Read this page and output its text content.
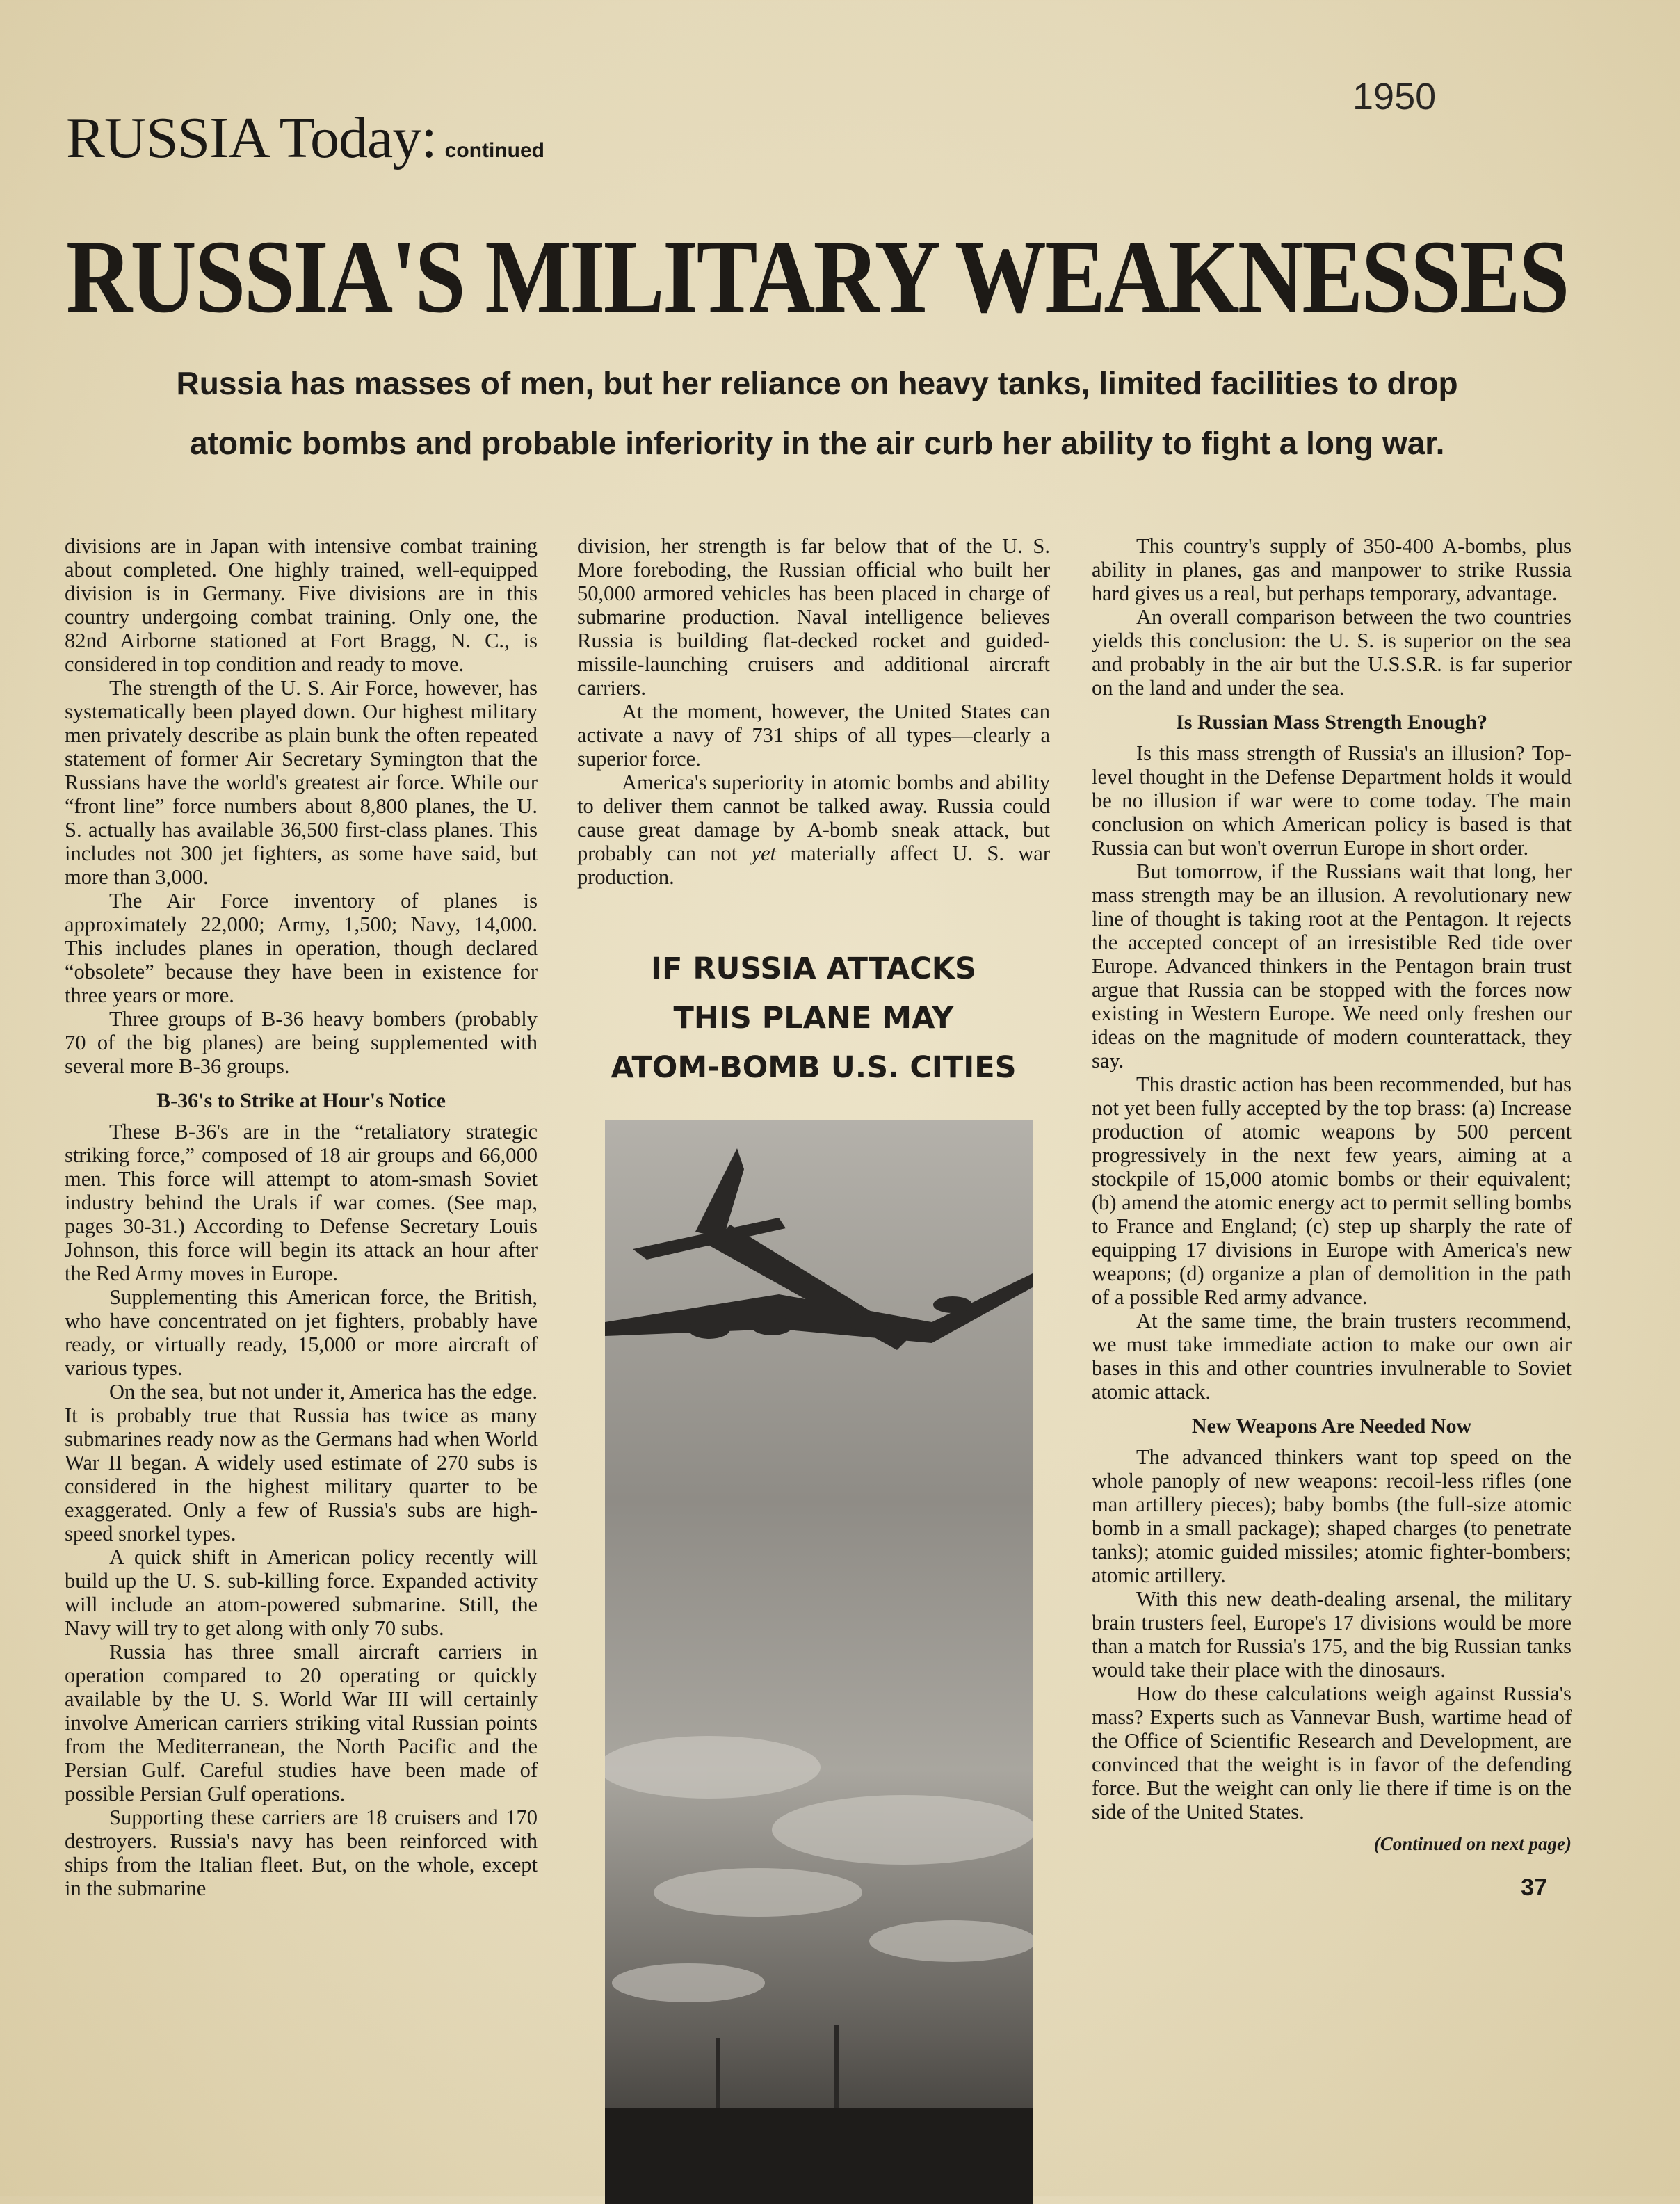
1950
RUSSIA Today: continued
RUSSIA'S MILITARY WEAKNESSES
Russia has masses of men, but her reliance on heavy tanks, limited facilities to drop
atomic bombs and probable inferiority in the air curb her ability to fight a long war.

divisions are in Japan with intensive combat training about completed. One highly trained, well-equipped division is in Germany. Five divisions are in this country undergoing combat training. Only one, the 82nd Airborne stationed at Fort Bragg, N. C., is considered in top condition and ready to move.

The strength of the U. S. Air Force, however, has systematically been played down. Our highest military men privately describe as plain bunk the often repeated statement of former Air Secretary Symington that the Russians have the world's greatest air force. While our “front line” force numbers about 8,800 planes, the U. S. actually has available 36,500 first-class planes. This includes not 300 jet fighters, as some have said, but more than 3,000.

The Air Force inventory of planes is approximately 22,000; Army, 1,500; Navy, 14,000. This includes planes in operation, though declared “obsolete” because they have been in existence for three years or more.

Three groups of B-36 heavy bombers (probably 70 of the big planes) are being supplemented with several more B-36 groups.

B-36's to Strike at Hour's Notice

These B-36's are in the “retaliatory strategic striking force,” composed of 18 air groups and 66,000 men. This force will attempt to atom-smash Soviet industry behind the Urals if war comes. (See map, pages 30-31.) According to Defense Secretary Louis Johnson, this force will begin its attack an hour after the Red Army moves in Europe.

Supplementing this American force, the British, who have concentrated on jet fighters, probably have ready, or virtually ready, 15,000 or more aircraft of various types.

On the sea, but not under it, America has the edge. It is probably true that Russia has twice as many submarines ready now as the Germans had when World War II began. A widely used estimate of 270 subs is considered in the highest military quarter to be exaggerated. Only a few of Russia's subs are high-speed snorkel types.

A quick shift in American policy recently will build up the U. S. sub-killing force. Expanded activity will include an atom-powered submarine. Still, the Navy will try to get along with only 70 subs.

Russia has three small aircraft carriers in operation compared to 20 operating or quickly available by the U. S. World War III will certainly involve American carriers striking vital Russian points from the Mediterranean, the North Pacific and the Persian Gulf. Careful studies have been made of possible Persian Gulf operations.

Supporting these carriers are 18 cruisers and 170 destroyers. Russia's navy has been reinforced with ships from the Italian fleet. But, on the whole, except in the submarine

division, her strength is far below that of the U. S. More foreboding, the Russian official who built her 50,000 armored vehicles has been placed in charge of submarine production. Naval intelligence believes Russia is building flat-decked rocket and guided-missile-launching cruisers and additional aircraft carriers.

At the moment, however, the United States can activate a navy of 731 ships of all types—clearly a superior force.

America's superiority in atomic bombs and ability to deliver them cannot be talked away. Russia could cause great damage by A-bomb sneak attack, but probably can not yet materially affect U. S. war production.

IF RUSSIA ATTACKS
THIS PLANE MAY
ATOM-BOMB U.S. CITIES

This country's supply of 350-400 A-bombs, plus ability in planes, gas and manpower to strike Russia hard gives us a real, but perhaps temporary, advantage.

An overall comparison between the two countries yields this conclusion: the U. S. is superior on the sea and probably in the air but the U.S.S.R. is far superior on the land and under the sea.

Is Russian Mass Strength Enough?

Is this mass strength of Russia's an illusion? Top-level thought in the Defense Department holds it would be no illusion if war were to come today. The main conclusion on which American policy is based is that Russia can but won't overrun Europe in short order.

But tomorrow, if the Russians wait that long, her mass strength may be an illusion. A revolutionary new line of thought is taking root at the Pentagon. It rejects the accepted concept of an irresistible Red tide over Europe. Advanced thinkers in the Pentagon brain trust argue that Russia can be stopped with the forces now existing in Western Europe. We need only freshen our ideas on the magnitude of modern counterattack, they say.

This drastic action has been recommended, but has not yet been fully accepted by the top brass: (a) Increase production of atomic weapons by 500 percent progressively in the next few years, aiming at a stockpile of 15,000 atomic bombs or their equivalent; (b) amend the atomic energy act to permit selling bombs to France and England; (c) step up sharply the rate of equipping 17 divisions in Europe with America's new weapons; (d) organize a plan of demolition in the path of a possible Red army advance.

At the same time, the brain trusters recommend, we must take immediate action to make our own air bases in this and other countries invulnerable to Soviet atomic attack.

New Weapons Are Needed Now

The advanced thinkers want top speed on the whole panoply of new weapons: recoil-less rifles (one man artillery pieces); baby bombs (the full-size atomic bomb in a small package); shaped charges (to penetrate tanks); atomic guided missiles; atomic fighter-bombers; atomic artillery.

With this new death-dealing arsenal, the military brain trusters feel, Europe's 17 divisions would be more than a match for Russia's 175, and the big Russian tanks would take their place with the dinosaurs.

How do these calculations weigh against Russia's mass? Experts such as Vannevar Bush, wartime head of the Office of Scientific Research and Development, are convinced that the weight is in favor of the defending force. But the weight can only lie there if time is on the side of the United States.

(Continued on next page)
37
